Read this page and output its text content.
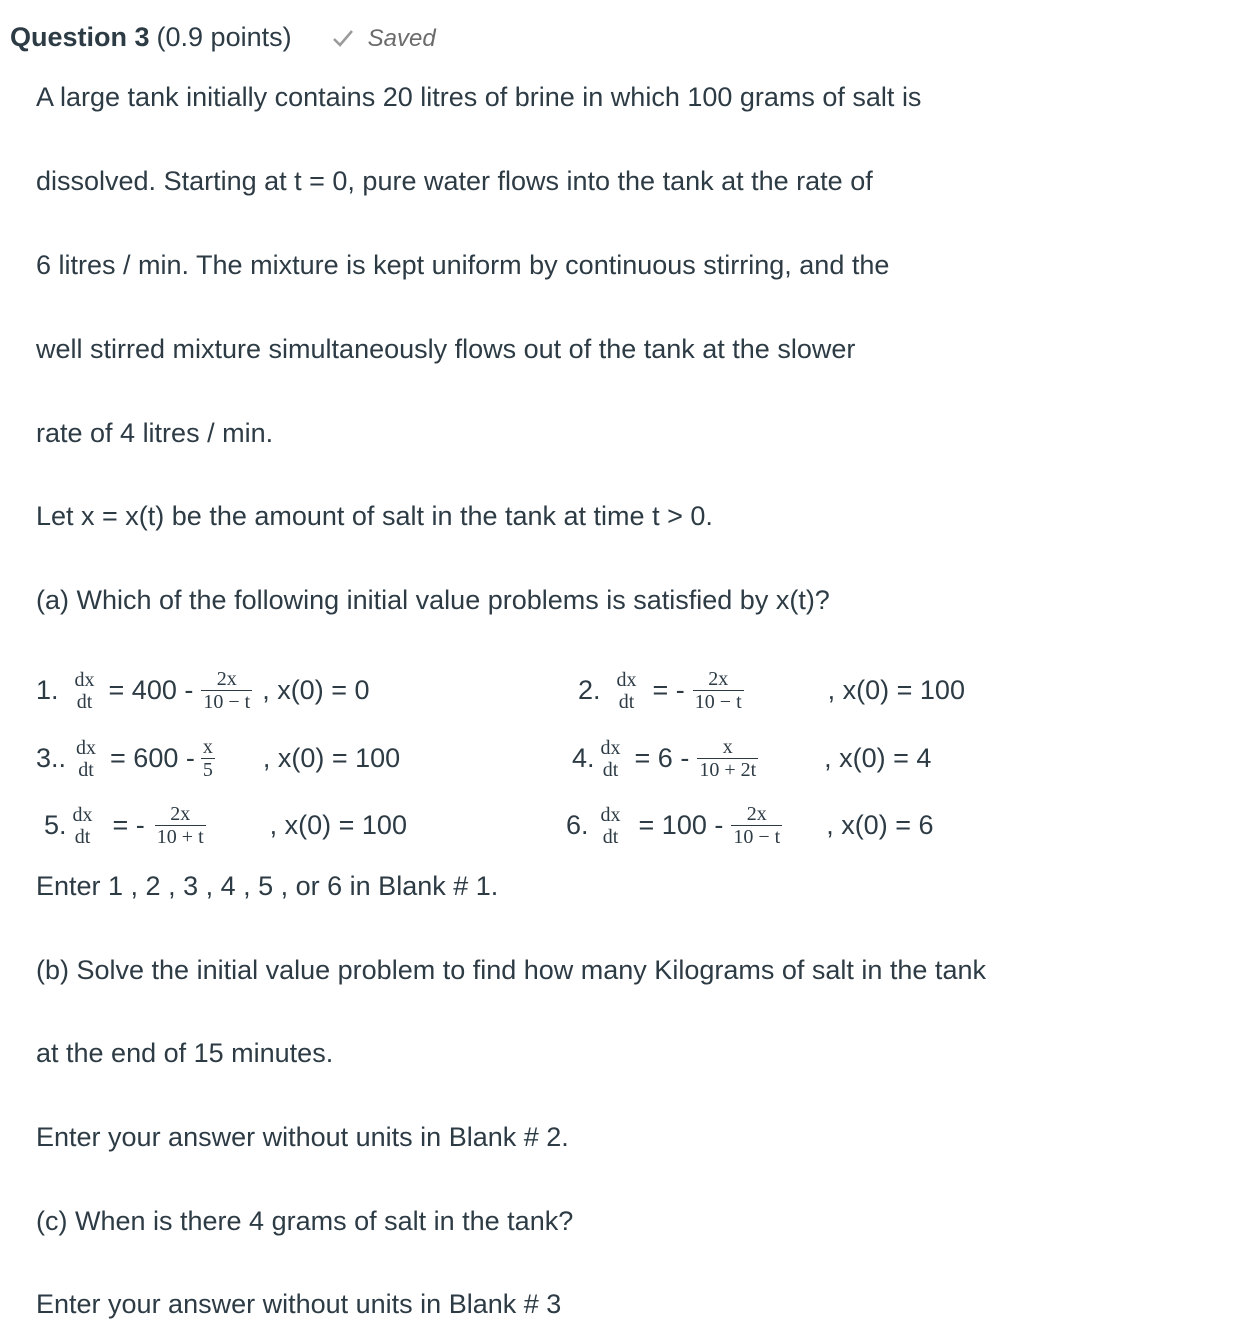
Question 3 (0.9 points)	Saved
A large tank initially contains 20 litres of brine in which 100 grams of salt is
dissolved. Starting at t = 0, pure water flows into the tank at the rate of
6 litres / min. The mixture is kept uniform by continuous stirring, and the
well stirred mixture simultaneously flows out of the tank at the slower
rate of 4 litres / min.
Let x = x(t) be the amount of salt in the tank at time t > 0.
(a) Which of the following initial value problems is satisfied by x(t)?
1. dx
dt = $400 - \frac{2x}{10 - t}$ , x(0) = 0	2. dx
dt = - $\frac{2x}{10 - t}$	, x(0) = 100
3.. dx
dt = $600 - \frac{x}{5}$ , x(0) = 100	4. dx
dt = $6 - \frac{x}{10 + 2t}$ , x(0) = 4
5. dx
dt = - $\frac{2x}{10 + t}$ , x(0) = 100	6. dx
dt = $100 - \frac{2x}{10 - t}$ , x(0) = 6
Enter 1 , 2 , 3 , 4 , 5 , or 6 in Blank # 1.
(b) Solve the initial value problem to find how many Kilograms of salt in the tank
at the end of 15 minutes.
Enter your answer without units in Blank # 2.
(c) When is there 4 grams of salt in the tank?
Enter your answer without units in Blank # 3
